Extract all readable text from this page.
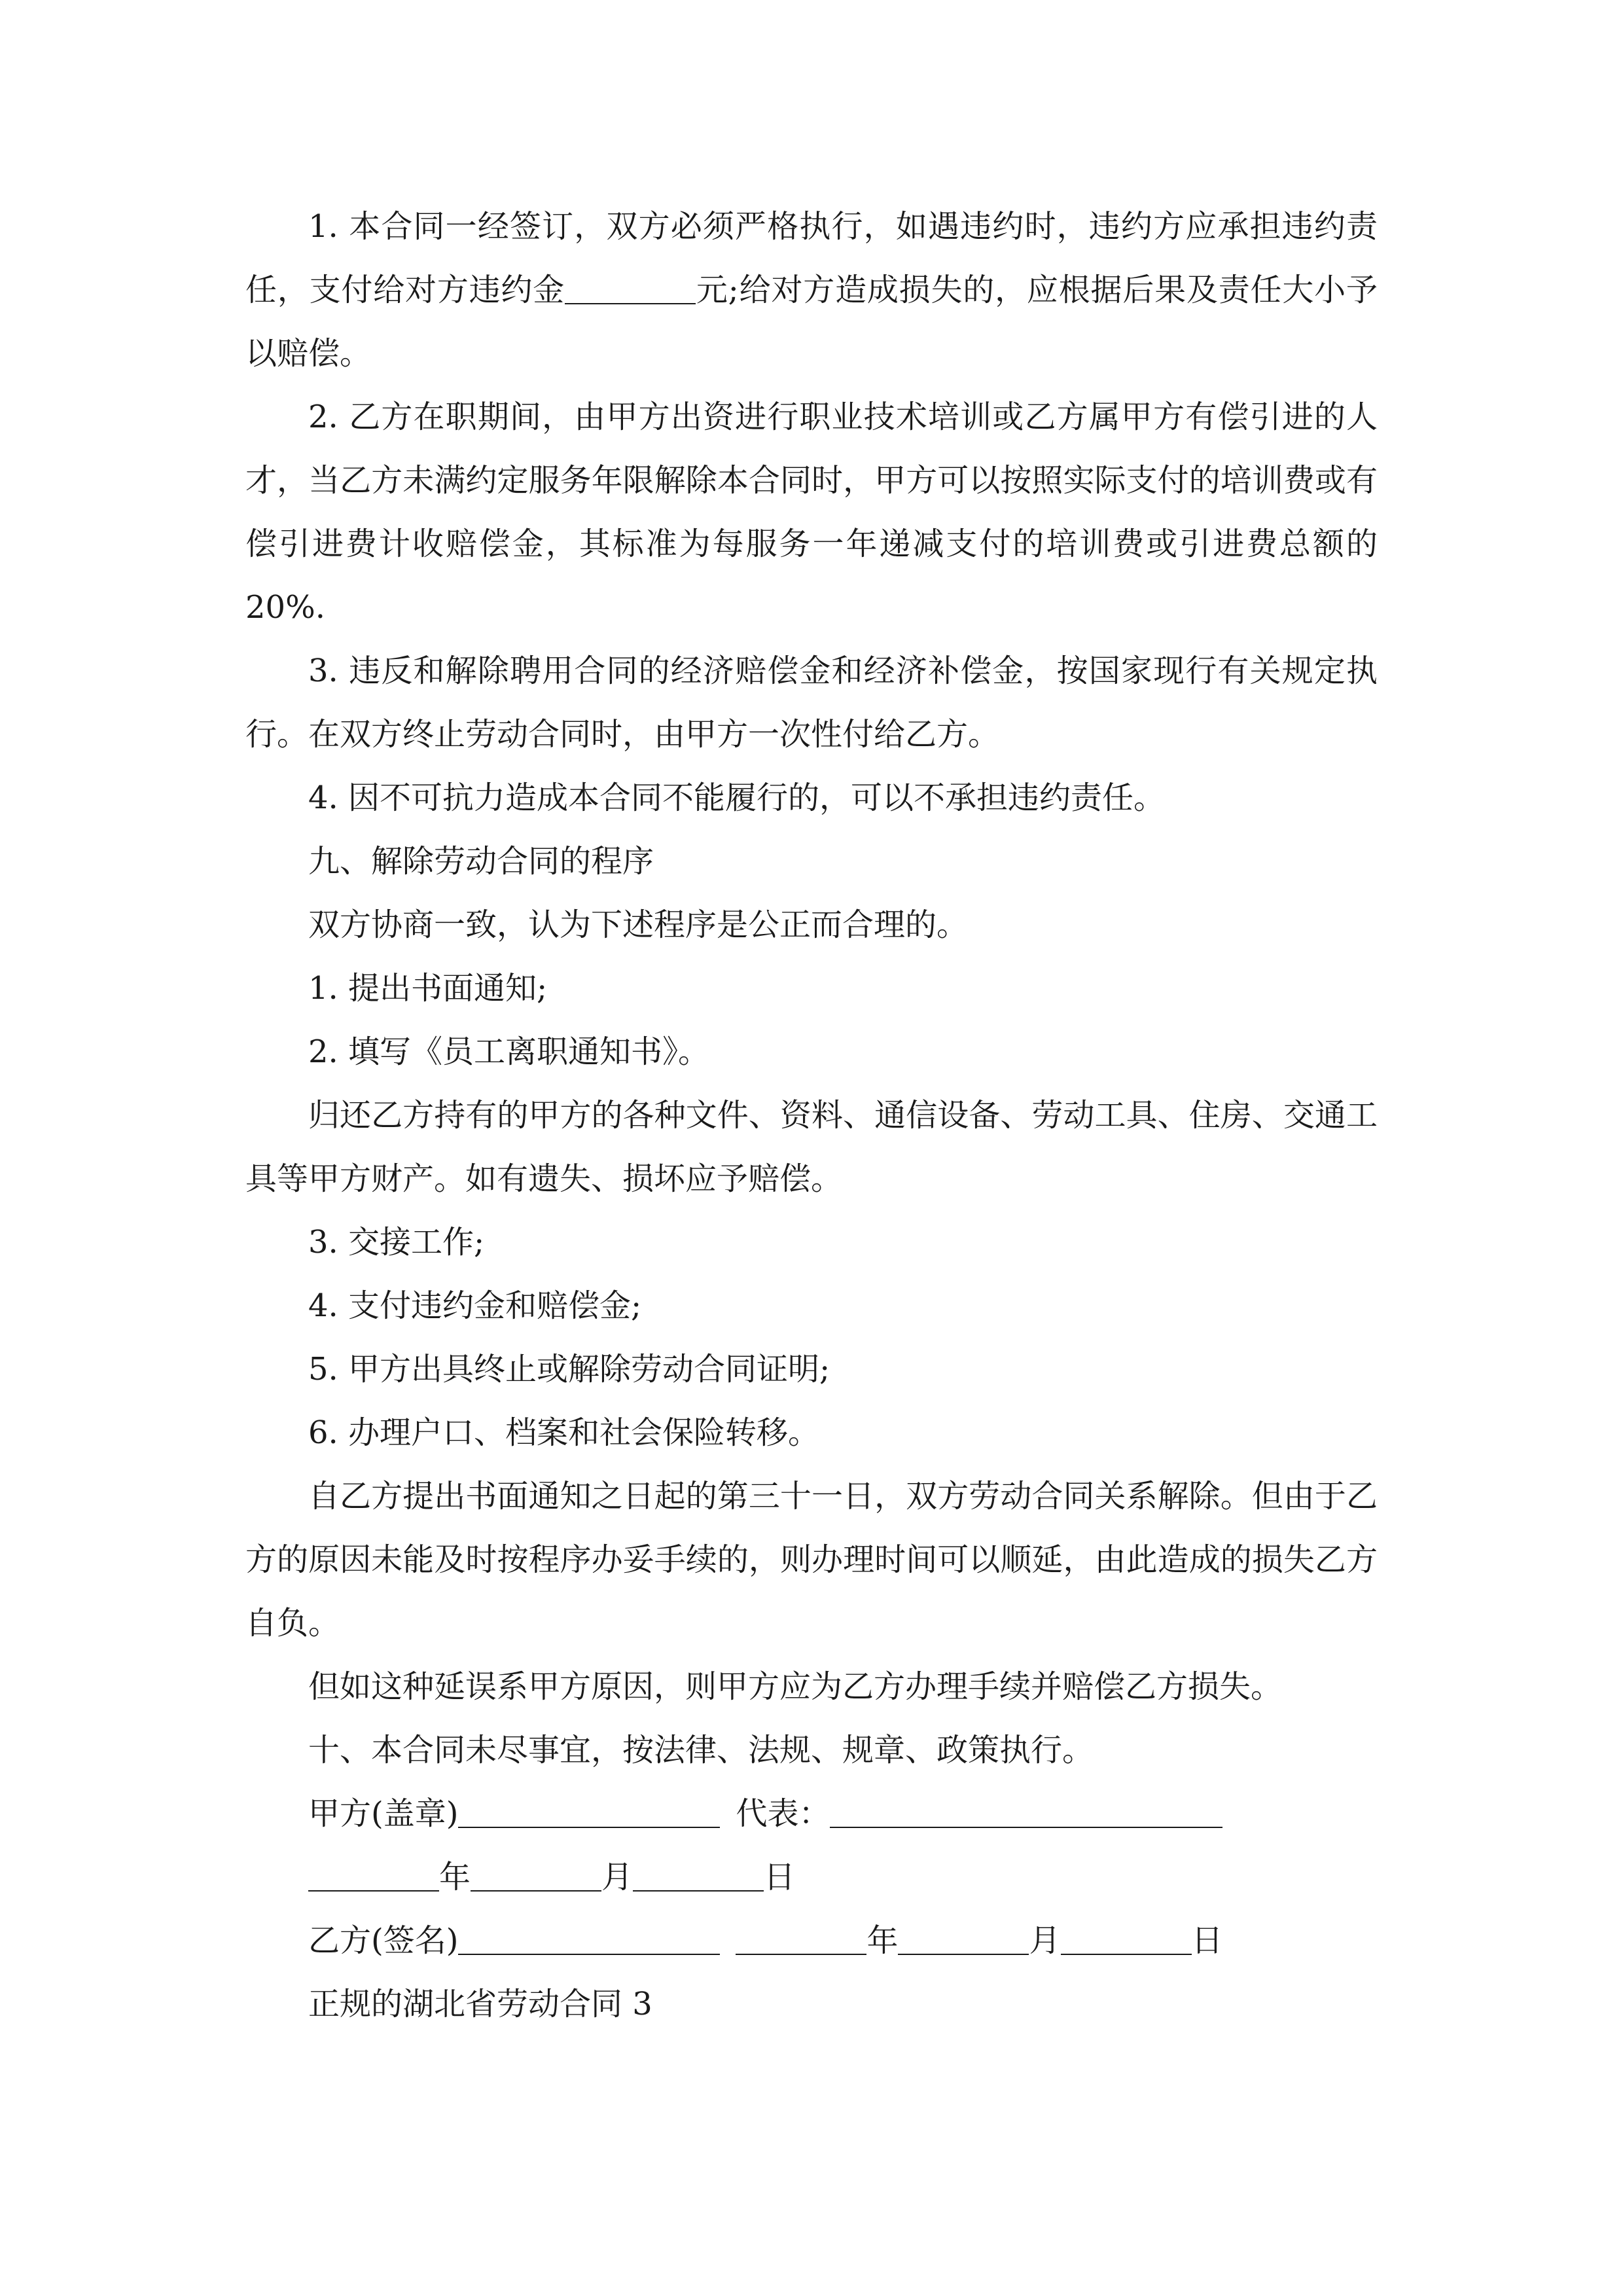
1. 本合同一经签订，双方必须严格执行，如遇违约时，违约方应承担违约责任，支付给对方违约金	元;给对方造成损失的，应根据后果及责任大小予以赔偿。

2. 乙方在职期间，由甲方出资进行职业技术培训或乙方属甲方有偿引进的人才，当乙方未满约定服务年限解除本合同时，甲方可以按照实际支付的培训费或有偿引进费计收赔偿金，其标准为每服务一年递减支付的培训费或引进费总额的 20%.

3. 违反和解除聘用合同的经济赔偿金和经济补偿金，按国家现行有关规定执行。在双方终止劳动合同时，由甲方一次性付给乙方。

4. 因不可抗力造成本合同不能履行的，可以不承担违约责任。

九、解除劳动合同的程序

双方协商一致，认为下述程序是公正而合理的。

1. 提出书面通知;

2. 填写《员工离职通知书》。

归还乙方持有的甲方的各种文件、资料、通信设备、劳动工具、住房、交通工具等甲方财产。如有遗失、损坏应予赔偿。

3. 交接工作;

4. 支付违约金和赔偿金;

5. 甲方出具终止或解除劳动合同证明;

6. 办理户口、档案和社会保险转移。

自乙方提出书面通知之日起的第三十一日，双方劳动合同关系解除。但由于乙方的原因未能及时按程序办妥手续的，则办理时间可以顺延，由此造成的损失乙方自负。

但如这种延误系甲方原因，则甲方应为乙方办理手续并赔偿乙方损失。

十、本合同未尽事宜，按法律、法规、规章、政策执行。

甲方(盖章)	代表：

年	月	日

乙方(签名)	年	月	日

正规的湖北省劳动合同 3
